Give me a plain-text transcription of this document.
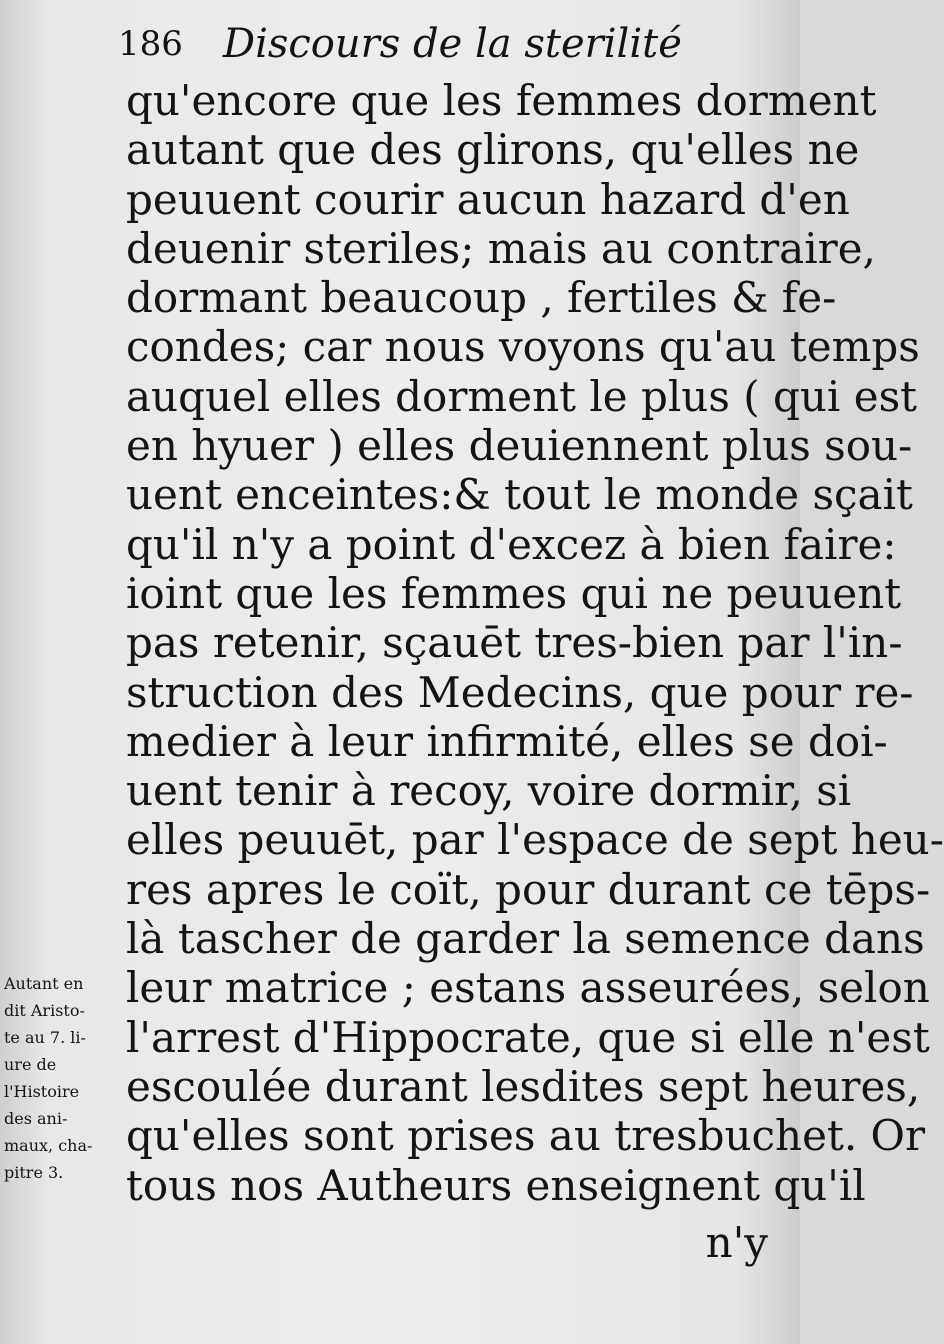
186 Discours de la sterilité
qu'encore que les femmes dorment
autant que des glirons, qu'elles ne
peuuent courir aucun hazard d'en
deuenir steriles; mais au contraire,
dormant beaucoup , fertiles & fe-
condes; car nous voyons qu'au temps
auquel elles dorment le plus ( qui est
en hyuer ) elles deuiennent plus sou-
uent enceintes:& tout le monde sçait
qu'il n'y a point d'excez à bien faire:
ioint que les femmes qui ne peuuent
pas retenir, sçauēt tres-bien par l'in-
struction des Medecins, que pour re-
medier à leur infirmité, elles se doi-
uent tenir à recoy, voire dormir, si
elles peuuēt, par l'espace de sept heu-
res apres le coït, pour durant ce tēps-
là tascher de garder la semence dans
leur matrice ; estans asseurées, selon
l'arrest d'Hippocrate, que si elle n'est
escoulée durant lesdites sept heures,
qu'elles sont prises au tresbuchet. Or
tous nos Autheurs enseignent qu'il
n'y
Autant en
dit Aristo-
te au 7. li-
ure de
l'Histoire
des ani-
maux, cha-
pitre 3.
